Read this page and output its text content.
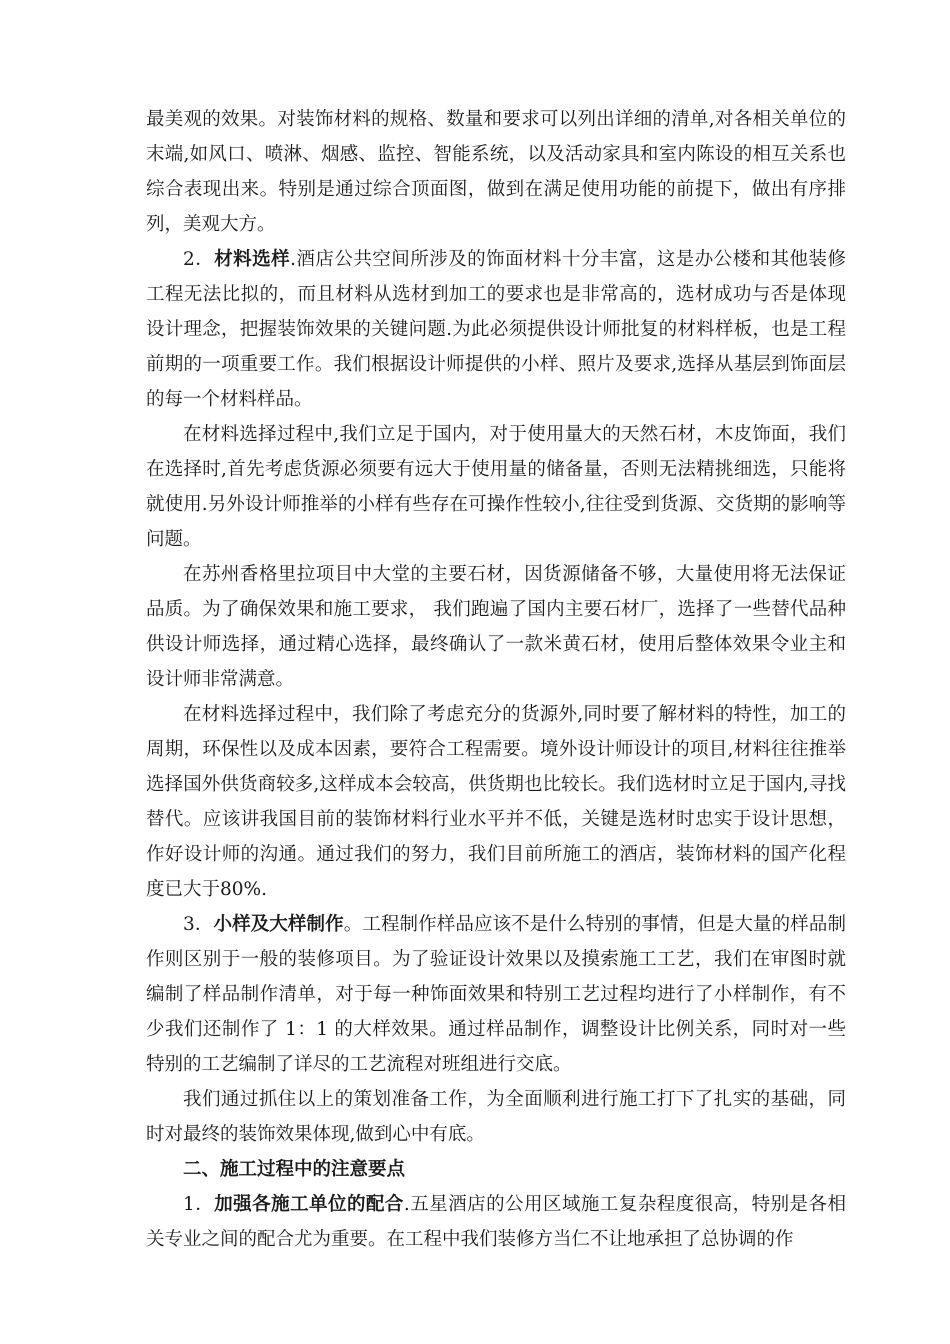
最美观的效果。对装饰材料的规格、数量和要求可以列出详细的清单,对各相关单位的末端,如风口、喷淋、烟感、监控、智能系统，以及活动家具和室内陈设的相互关系也综合表现出来。特别是通过综合顶面图，做到在满足使用功能的前提下，做出有序排列，美观大方。

2．材料选样.酒店公共空间所涉及的饰面材料十分丰富，这是办公楼和其他装修工程无法比拟的，而且材料从选材到加工的要求也是非常高的，选材成功与否是体现设计理念，把握装饰效果的关键问题.为此必须提供设计师批复的材料样板，也是工程前期的一项重要工作。我们根据设计师提供的小样、照片及要求,选择从基层到饰面层的每一个材料样品。

在材料选择过程中,我们立足于国内，对于使用量大的天然石材，木皮饰面，我们在选择时,首先考虑货源必须要有远大于使用量的储备量，否则无法精挑细选，只能将就使用.另外设计师推举的小样有些存在可操作性较小,往往受到货源、交货期的影响等问题。

在苏州香格里拉项目中大堂的主要石材，因货源储备不够，大量使用将无法保证品质。为了确保效果和施工要求， 我们跑遍了国内主要石材厂，选择了一些替代品种供设计师选择，通过精心选择，最终确认了一款米黄石材，使用后整体效果令业主和设计师非常满意。

在材料选择过程中，我们除了考虑充分的货源外,同时要了解材料的特性，加工的周期，环保性以及成本因素，要符合工程需要。境外设计师设计的项目,材料往往推举选择国外供货商较多,这样成本会较高，供货期也比较长。我们选材时立足于国内,寻找替代。应该讲我国目前的装饰材料行业水平并不低，关键是选材时忠实于设计思想，作好设计师的沟通。通过我们的努力，我们目前所施工的酒店，装饰材料的国产化程度已大于80%.

3．小样及大样制作。工程制作样品应该不是什么特别的事情，但是大量的样品制作则区别于一般的装修项目。为了验证设计效果以及摸索施工工艺，我们在审图时就编制了样品制作清单，对于每一种饰面效果和特别工艺过程均进行了小样制作，有不少我们还制作了 1：1 的大样效果。通过样品制作，调整设计比例关系，同时对一些特别的工艺编制了详尽的工艺流程对班组进行交底。

我们通过抓住以上的策划准备工作，为全面顺利进行施工打下了扎实的基础，同时对最终的装饰效果体现,做到心中有底。

二、施工过程中的注意要点

1．加强各施工单位的配合.五星酒店的公用区域施工复杂程度很高，特别是各相关专业之间的配合尤为重要。在工程中我们装修方当仁不让地承担了总协调的作
